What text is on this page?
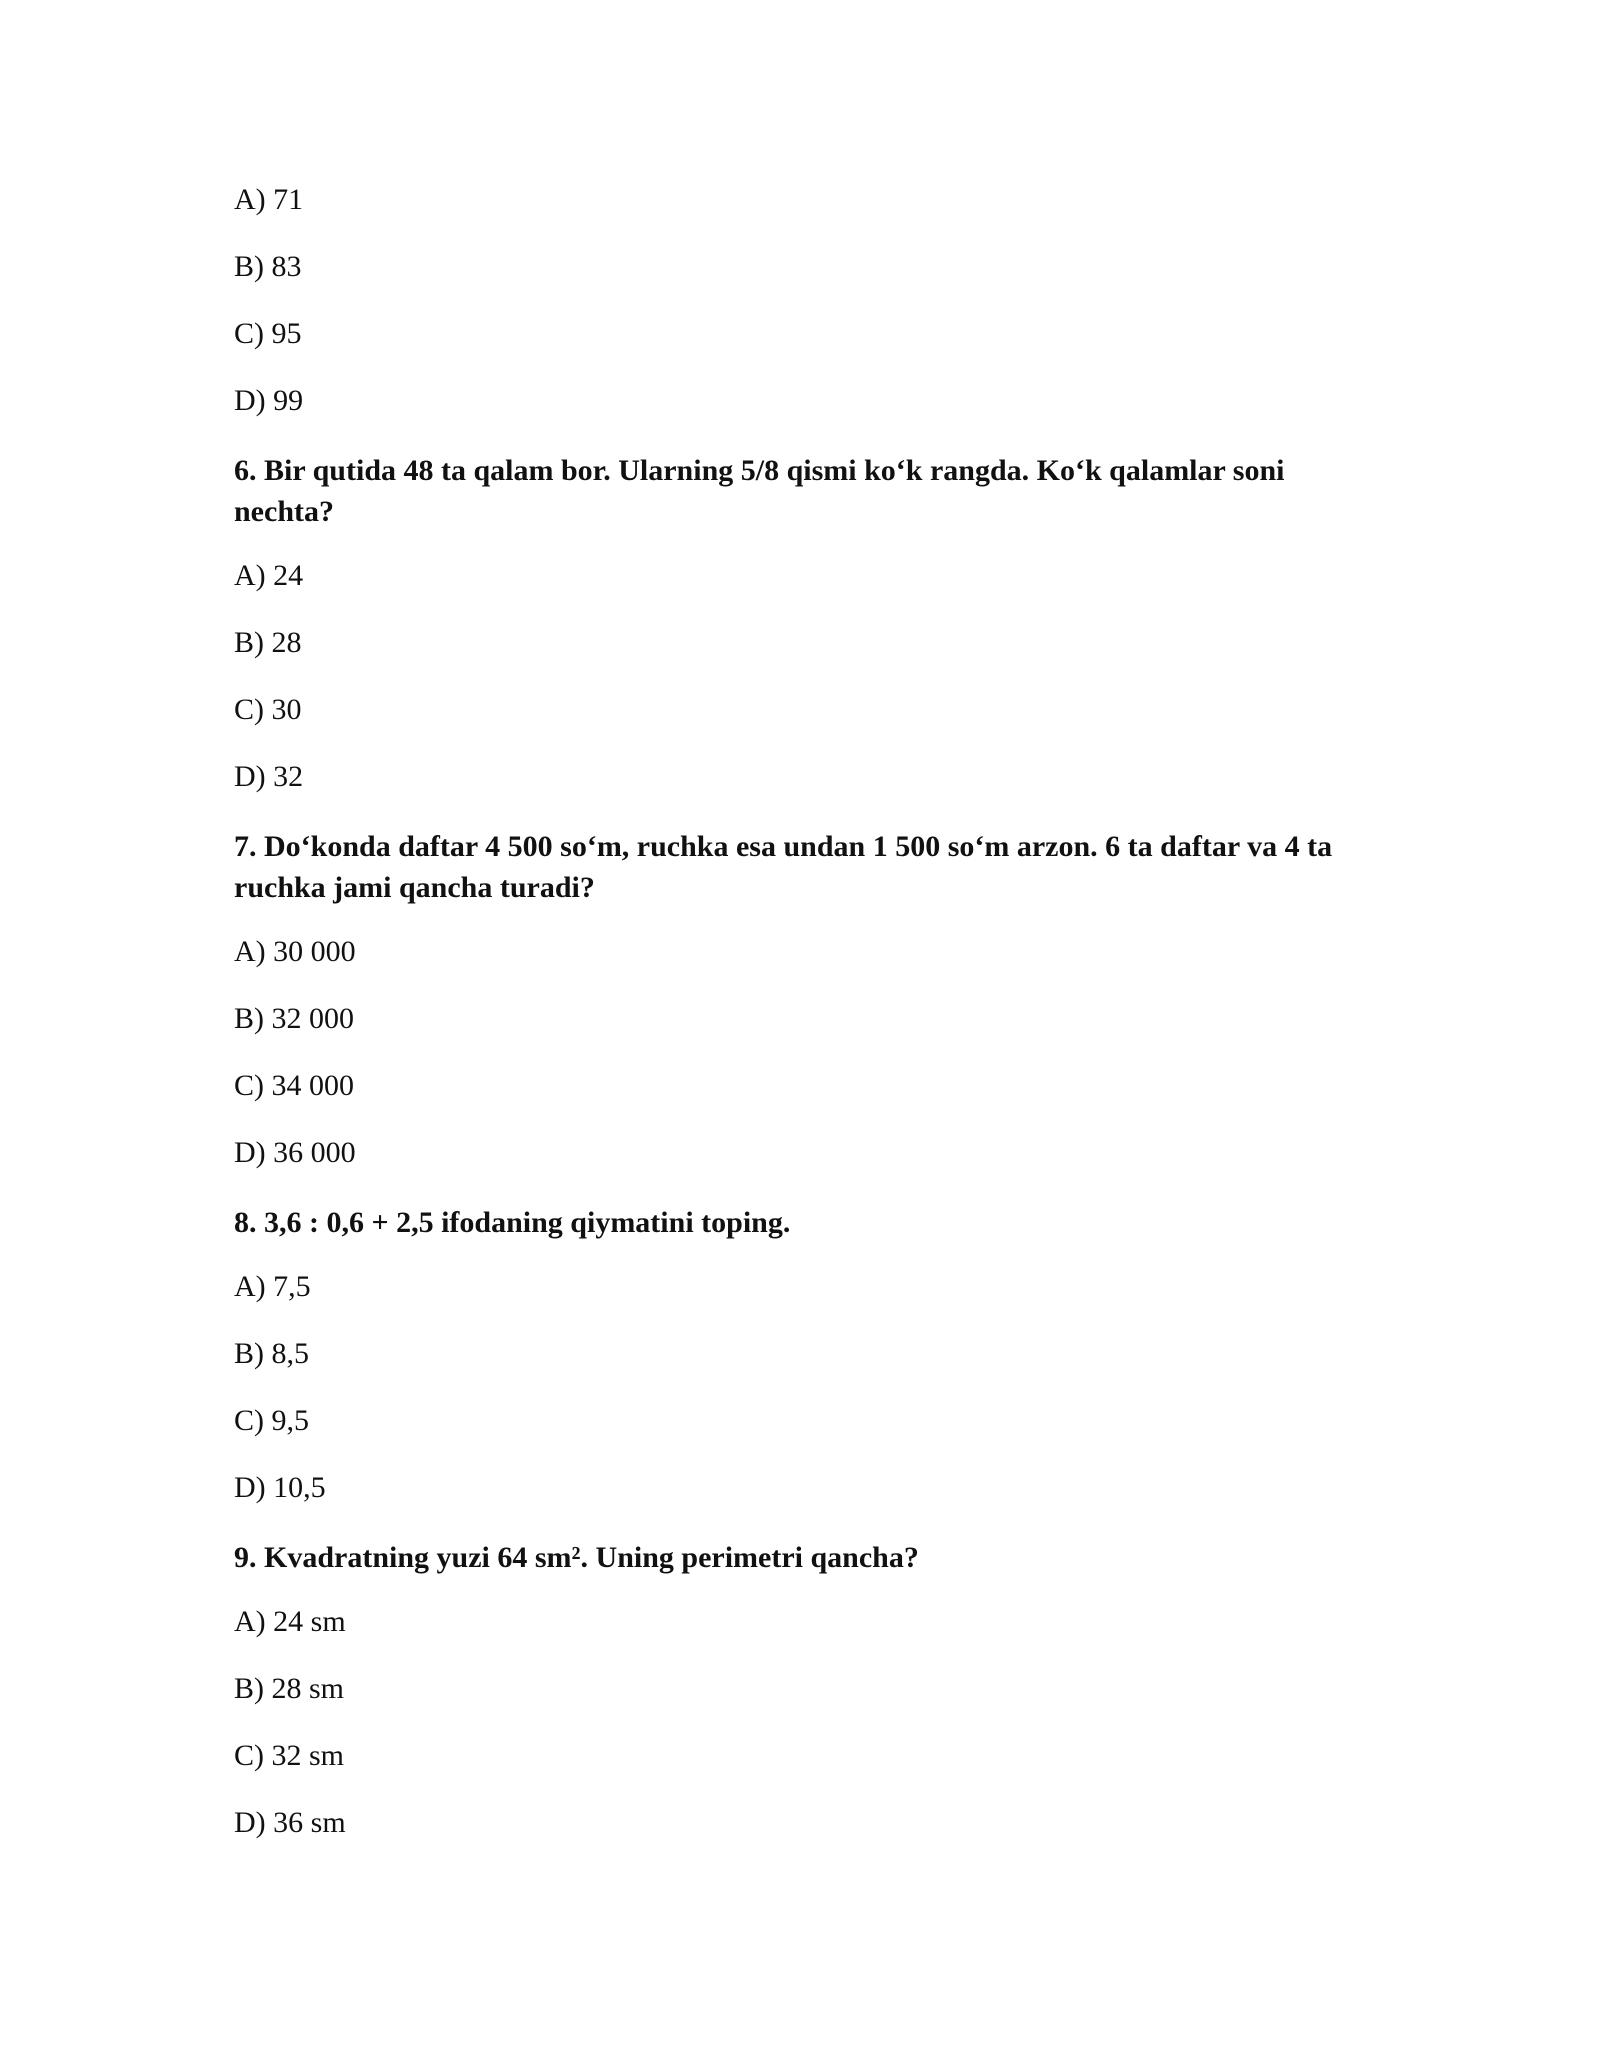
A) 71
B) 83
C) 95
D) 99
6. Bir qutida 48 ta qalam bor. Ularning 5/8 qismi ko‘k rangda. Ko‘k qalamlar soni nechta?
A) 24
B) 28
C) 30
D) 32
7. Do‘konda daftar 4 500 so‘m, ruchka esa undan 1 500 so‘m arzon. 6 ta daftar va 4 ta ruchka jami qancha turadi?
A) 30 000
B) 32 000
C) 34 000
D) 36 000
8. 3,6 : 0,6 + 2,5 ifodaning qiymatini toping.
A) 7,5
B) 8,5
C) 9,5
D) 10,5
9. Kvadratning yuzi 64 sm². Uning perimetri qancha?
A) 24 sm
B) 28 sm
C) 32 sm
D) 36 sm
